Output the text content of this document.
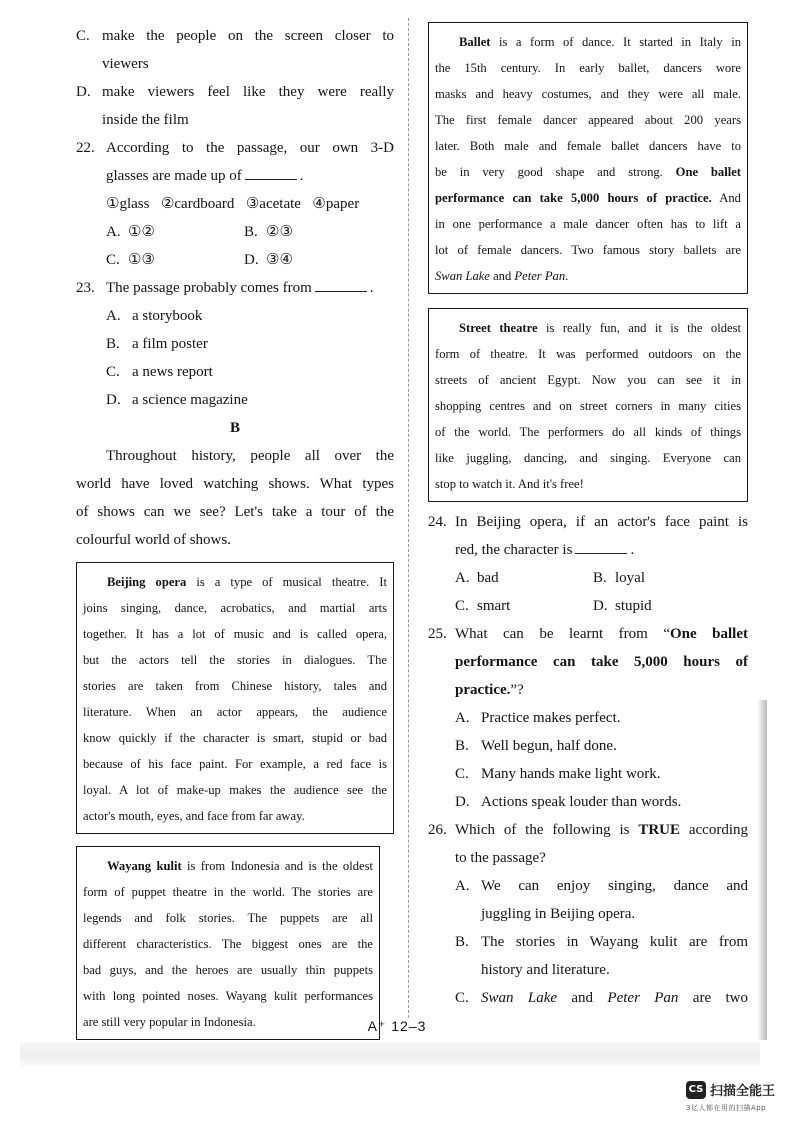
C. make the people on the screen closer to
viewers
D. make viewers feel like they were really
inside the film
22. According to the passage, our own 3-D
glasses are made up of	.
①glass  ②cardboard  ③acetate  ④paper
A. ①②	B. ②③
C. ①③	D. ③④
23. The passage probably comes from	.
A. a storybook
B. a film poster
C. a news report
D. a science magazine
B
Throughout history, people all over the
world have loved watching shows. What types
of shows can we see? Let's take a tour of the
colourful world of shows.
Beijing opera is a type of musical theatre. It
joins singing, dance, acrobatics, and martial arts
together. It has a lot of music and is called opera,
but the actors tell the stories in dialogues. The
stories are taken from Chinese history, tales and
literature. When an actor appears, the audience
know quickly if the character is smart, stupid or bad
because of his face paint. For example, a red face is
loyal. A lot of make-up makes the audience see the
actor's mouth, eyes, and face from far away.
Wayang kulit is from Indonesia and is the oldest
form of puppet theatre in the world. The stories are
legends and folk stories. The puppets are all
different characteristics. The biggest ones are the
bad guys, and the heroes are usually thin puppets
with long pointed noses. Wayang kulit performances
are still very popular in Indonesia.
Ballet is a form of dance. It started in Italy in
the 15th century. In early ballet, dancers wore
masks and heavy costumes, and they were all male.
The first female dancer appeared about 200 years
later. Both male and female ballet dancers have to
be in very good shape and strong. One ballet
performance can take 5,000 hours of practice. And
in one performance a male dancer often has to lift a
lot of female dancers. Two famous story ballets are
Swan Lake and Peter Pan.
Street theatre is really fun, and it is the oldest
form of theatre. It was performed outdoors on the
streets of ancient Egypt. Now you can see it in
shopping centres and on street corners in many cities
of the world. The performers do all kinds of things
like juggling, dancing, and singing. Everyone can
stop to watch it. And it's free!
24. In Beijing opera, if an actor's face paint is
red, the character is	.
A. bad	B. loyal
C. smart	D. stupid
25. What can be learnt from “One ballet
performance can take 5,000 hours of
practice.”?
A. Practice makes perfect.
B. Well begun, half done.
C. Many hands make light work.
D. Actions speak louder than words.
26. Which of the following is TRUE according
to the passage?
A. We can enjoy singing, dance and
juggling in Beijing opera.
B. The stories in Wayang kulit are from
history and literature.
C. Swan Lake and Peter Pan are two
A⁺ 12–3
CS 扫描全能王
3亿人都在用的扫描App
